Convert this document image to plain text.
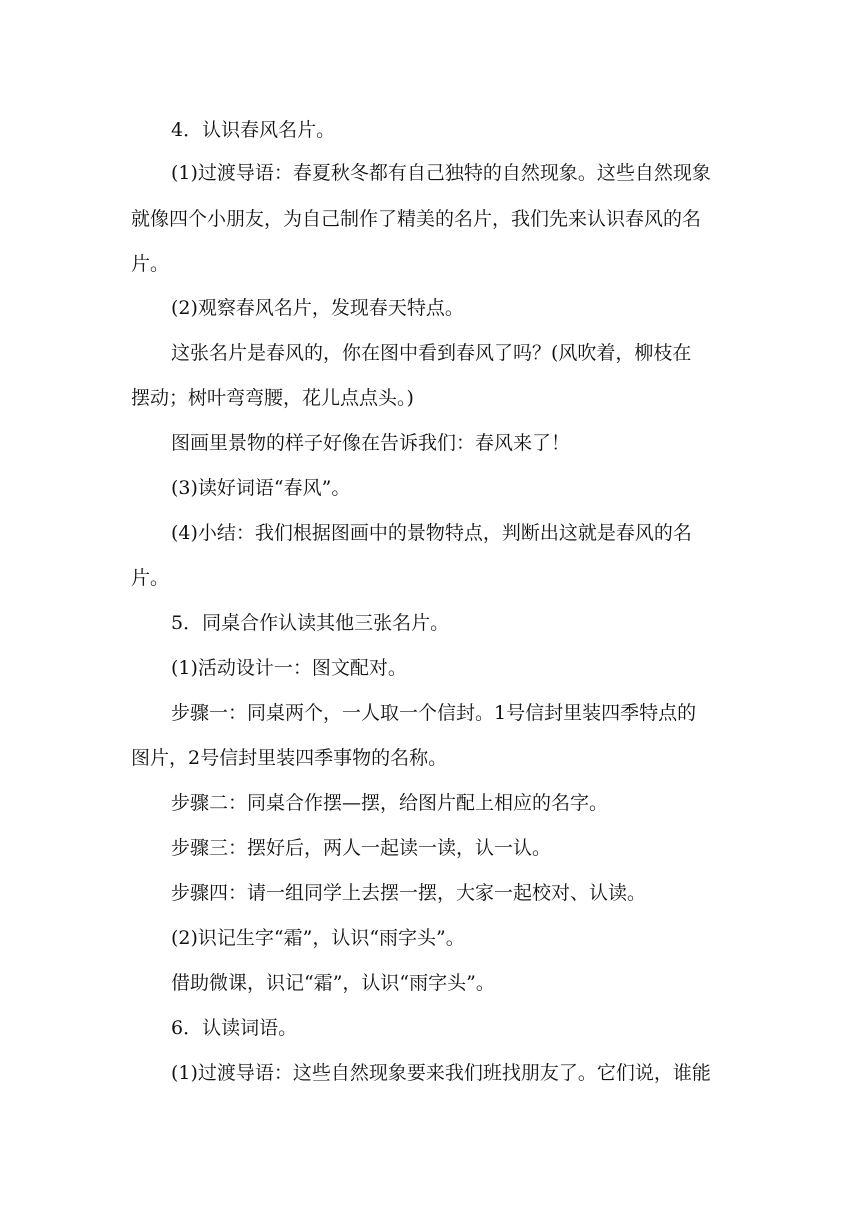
4．认识春风名片。
(1)过渡导语：春夏秋冬都有自己独特的自然现象。这些自然现象
就像四个小朋友，为自己制作了精美的名片，我们先来认识春风的名
片。
(2)观察春风名片，发现春天特点。
这张名片是春风的，你在图中看到春风了吗？(风吹着，柳枝在
摆动；树叶弯弯腰，花儿点点头。)
图画里景物的样子好像在告诉我们：春风来了！
(3)读好词语“春风”。
(4)小结：我们根据图画中的景物特点，判断出这就是春风的名
片。
5．同桌合作认读其他三张名片。
(1)活动设计一：图文配对。
步骤一：同桌两个，一人取一个信封。1号信封里装四季特点的
图片，2号信封里装四季事物的名称。
步骤二：同桌合作摆—摆，给图片配上相应的名字。
步骤三：摆好后，两人一起读一读，认一认。
步骤四：请一组同学上去摆一摆，大家一起校对、认读。
(2)识记生字“霜”，认识“雨字头”。
借助微课，识记“霜”，认识“雨字头”。
6．认读词语。
(1)过渡导语：这些自然现象要来我们班找朋友了。它们说，谁能
